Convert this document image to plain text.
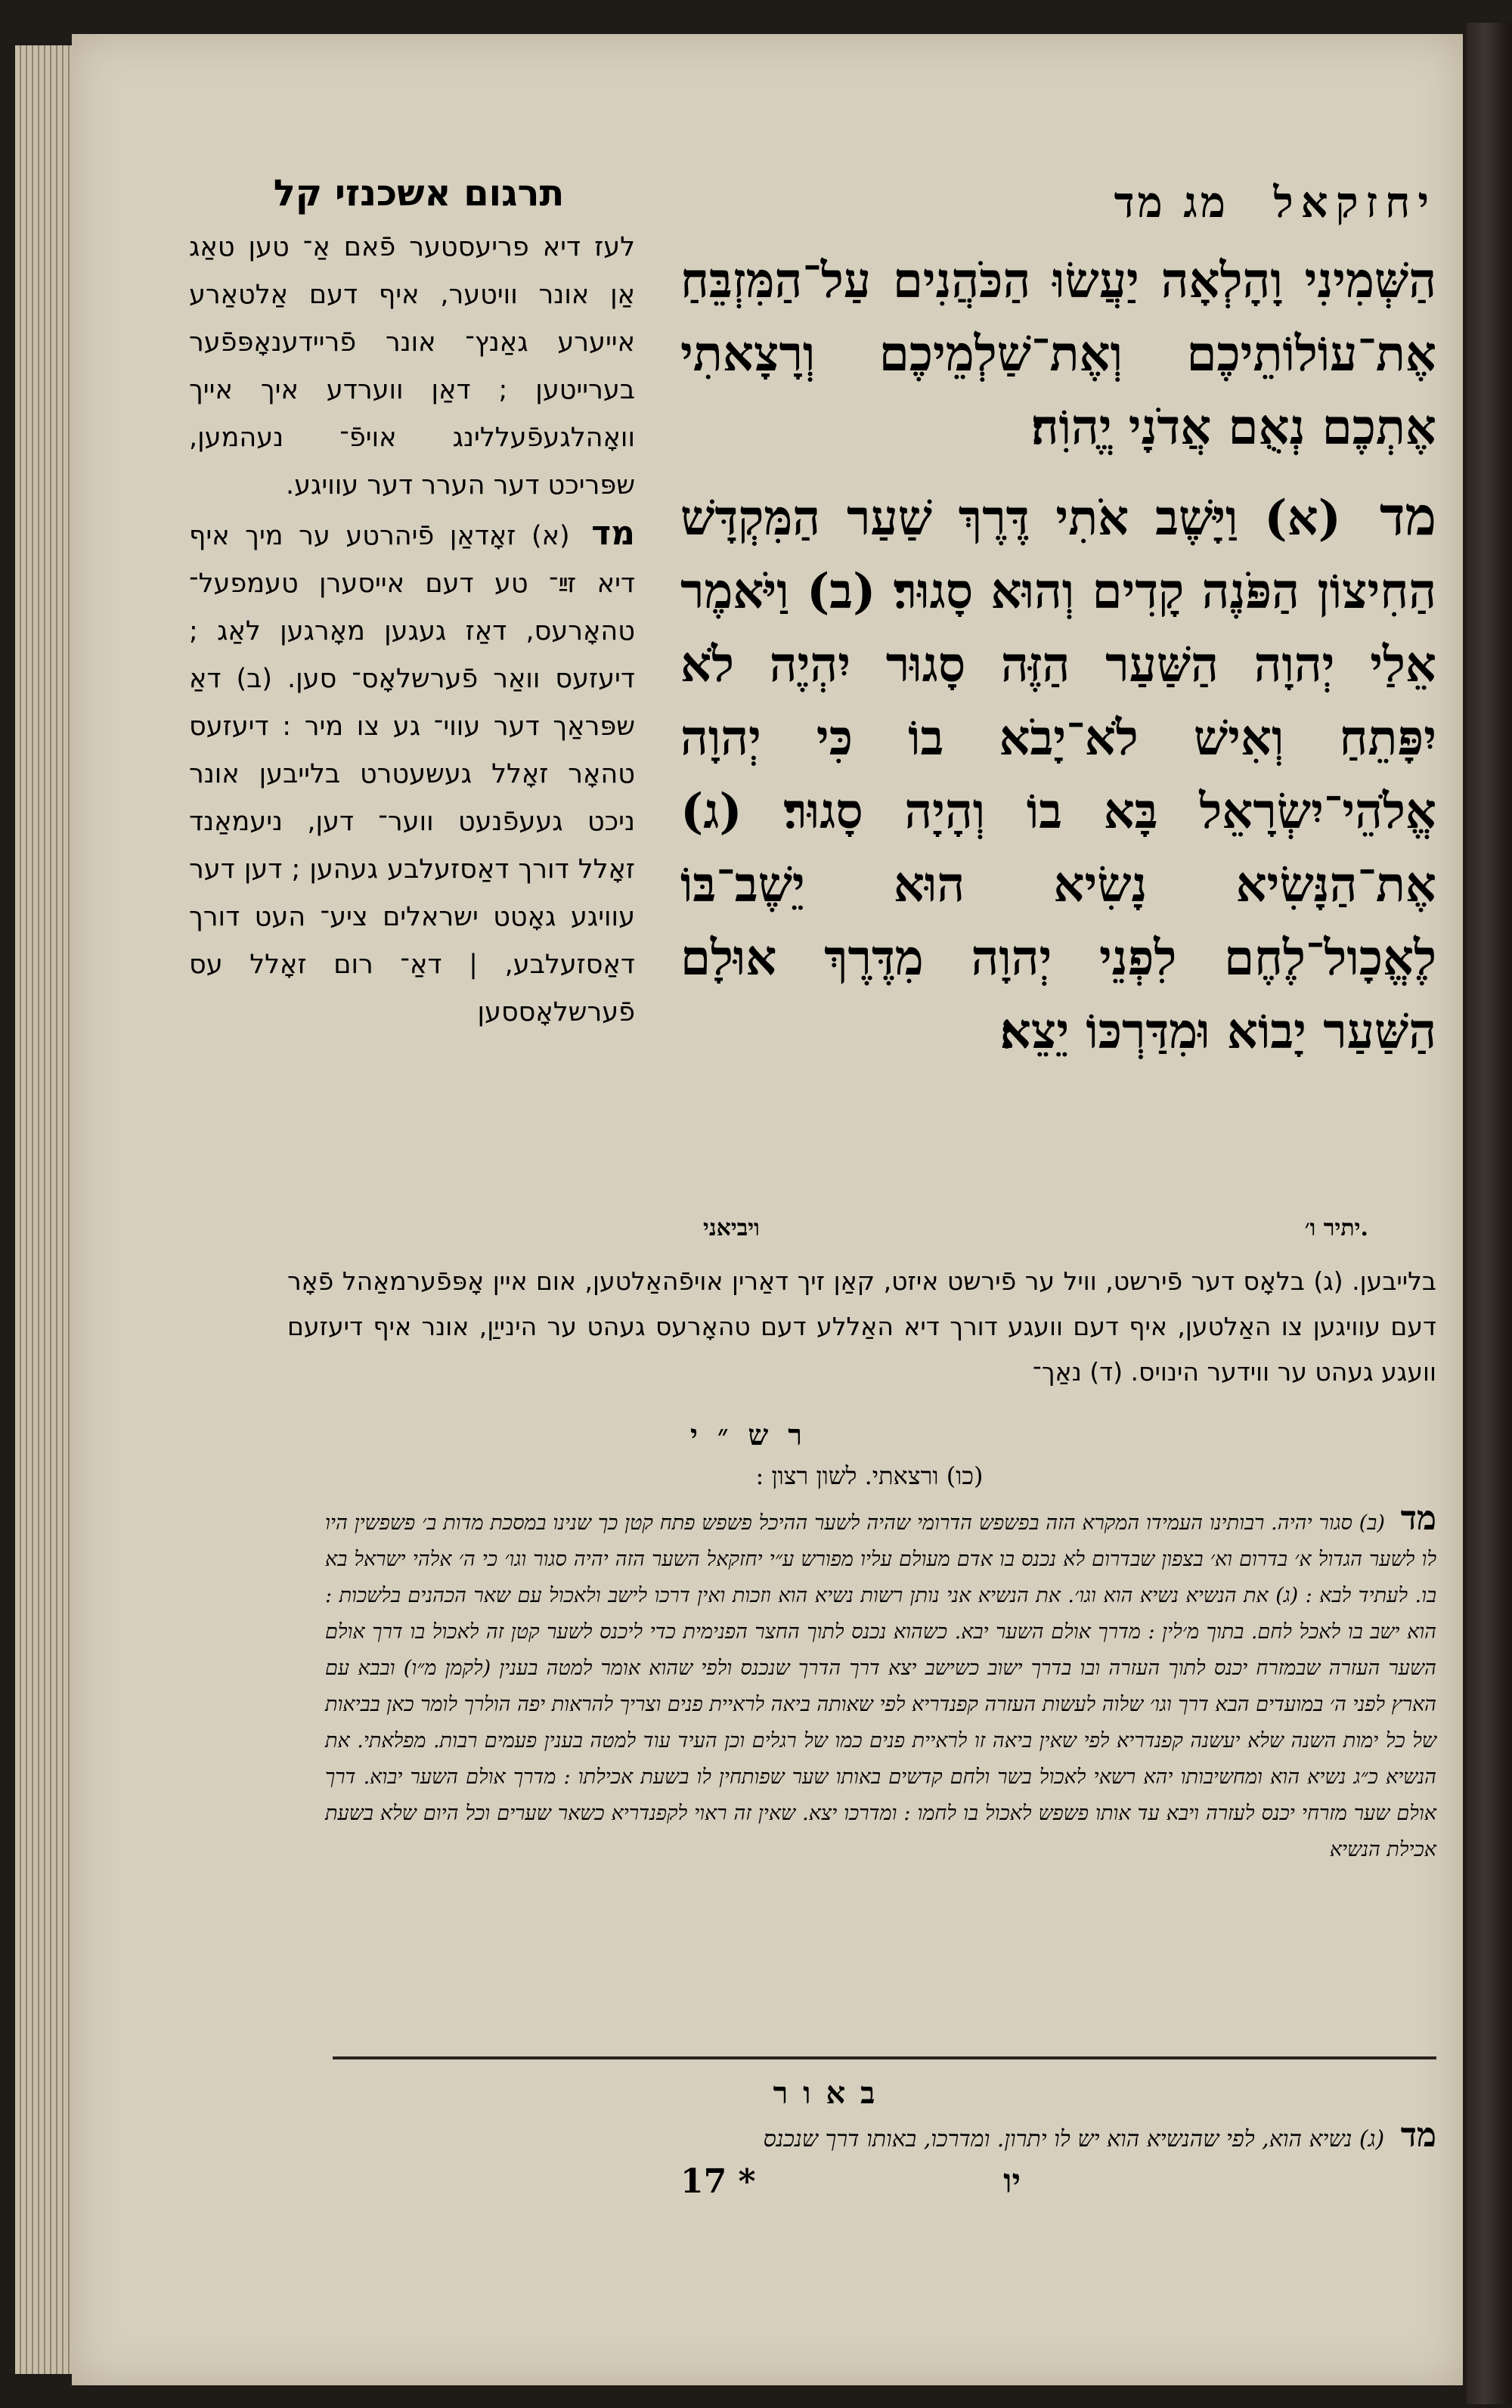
תרגום אשכנזי קל
לעז דיא פריעסטער פֿאם אַ־ טען טאַג אַן אונר וויטער, איף דעם אַלטאַרע אייערע גאַנץ־ אונר פֿריידענאָפּפֿער בערייטען ; דאַן ווערדע איך אייך וואָהלגעפֿעללינג אויפֿ־ נעהמען, שפּריכט דער הערר דער עוויגע.
מד (א) זאָדאַן פֿיהרטע ער מיך איף דיא זײַ־ טע דעם אייסערן טעמפעל־ טהאָרעס, דאַז געגען מאָרגען לאַג ; דיעזעס וואַר פֿערשלאָס־ סען. (ב) דאַ שפּראַך דער עווי־ גע צו מיר : דיעזעס טהאָר זאָלל געשעטרט בלייבען אונר ניכט געעפֿנעט ווער־ דען, ניעמאַנד זאָלל דורך דאַסזעלבע געהען ; דען דער עוויגע גאָטט ישראלים ציע־ העט דורך דאַסזעלבע, | דאַ־ רום זאָלל עס פֿערשלאָססען
יחזקאל מג מד

הַשְּׁמִינִי וָהָלְאָה יַעֲשׂוּ הַכֹּהֲנִים עַל־הַמִּזְבֵּחַ אֶת־עוֹלוֹתֵיכֶם וְאֶת־שַׁלְמֵיכֶם וְרָצָאתִי אֶתְכֶם נְאֻם אֲדֹנָי יֱהוִֹה׃

מד (א) וַיָּשֶׁב אֹתִי דֶּרֶךְ שַׁעַר הַמִּקְדָּשׁ הַחִיצוֹן הַפֹּנֶה קָדִים וְהוּא סָגוּר׃ (ב) וַיֹּאמֶר אֵלַי יְהוָה הַשַּׁעַר הַזֶּה סָגוּר יִהְיֶה לֹא יִפָּתֵחַ וְאִישׁ לֹא־יָבֹא בוֹ כִּי יְהוָה אֱלֹהֵי־יִשְׂרָאֵל בָּא בוֹ וְהָיָה סָגוּר׃ (ג) אֶת־הַנָּשִׂיא נָשִׂיא הוּא יֵשֶׁב־בּוֹ לֶאֱכָול־לֶחֶם לִפְנֵי יְהוָה מִדֶּרֶךְ אוּלָם הַשַּׁעַר יָבוֹא וּמִדַּרְכּוֹ יֵצֵא׃

ויביאני	יתיר ו׳.
בלייבען. (ג) בלאָס דער פֿירשט, וויל ער פֿירשט איזט, קאַן זיך דאַרין אויפֿהאַלטען, אום איין אָפּפֿערמאַהל פֿאָר דעם עוויגען צו האַלטען, איף דעם וועגע דורך דיא האַללע דעם טהאָרעס געהט ער הינייַן, אונר איף דיעזעם וועגע געהט ער ווידער הינויס. (ד) נאַך־
רש״י
(כו) ורצאתי. לשון רצון :
מד (ב) סגור יהיה. רבותינו העמידו המקרא הזה בפשפש הדרומי שהיה לשער ההיכל פשפש פתח קטן כך שנינו במסכת מדות ב׳ פשפשין היו לו לשער הגדול א׳ בדרום וא׳ בצפון שבדרום לא נכנס בו אדם מעולם עליו מפורש ע״י יחזקאל השער הזה יהיה סגור וגו׳ כי ה׳ אלהי ישראל בא בו. לעתיד לבא : (ג) את הנשיא נשיא הוא וגו׳. את הנשיא אני נותן רשות נשיא הוא וזכות ואין דרכו לישב ולאכול עם שאר הכהנים בלשכות : הוא ישב בו לאכל לחם. בתוך מ׳לין : מדרך אולם השער יבא. כשהוא נכנס לתוך החצר הפנימית כדי ליכנס לשער קטן זה לאכול בו דרך אולם השער העזרה שבמזרח יכנס לתוך העזרה ובו בדרך ישוב כשישב יצא דרך הדרך שנכנס ולפי שהוא אומר למטה בענין (לקמן מ״ו) ובבא עם הארץ לפני ה׳ במועדים הבא דרך וגו׳ שלוה לעשות העזרה קפנדריא לפי שאותה ביאה לראיית פנים וצריך להראות יפה הולרך לומר כאן בביאות של כל ימות השנה שלא יעשנה קפנדריא לפי שאין ביאה זו לראיית פנים כמו של רגלים וכן העיד עוד למטה בענין פעמים רבות. מפלאתי. את הנשיא כ״ג נשיא הוא ומחשיבותו יהא רשאי לאכול בשר ולחם קדשים באותו שער שפותחין לו בשעת אכילתו : מדרך אולם השער יבוא. דרך אולם שער מזרחי יכנס לעזרה ויבא עד אותו פשפש לאכול בו לחמו : ומדרכו יצא. שאין זה ראוי לקפנדריא כשאר שערים וכל היום שלא בשעת אכילת הנשיא
באור
מד (ג) נשיא הוא, לפי שהנשיא הוא יש לו יתרון. ומדרכו, באותו דרך שנכנס
17 *	יו
